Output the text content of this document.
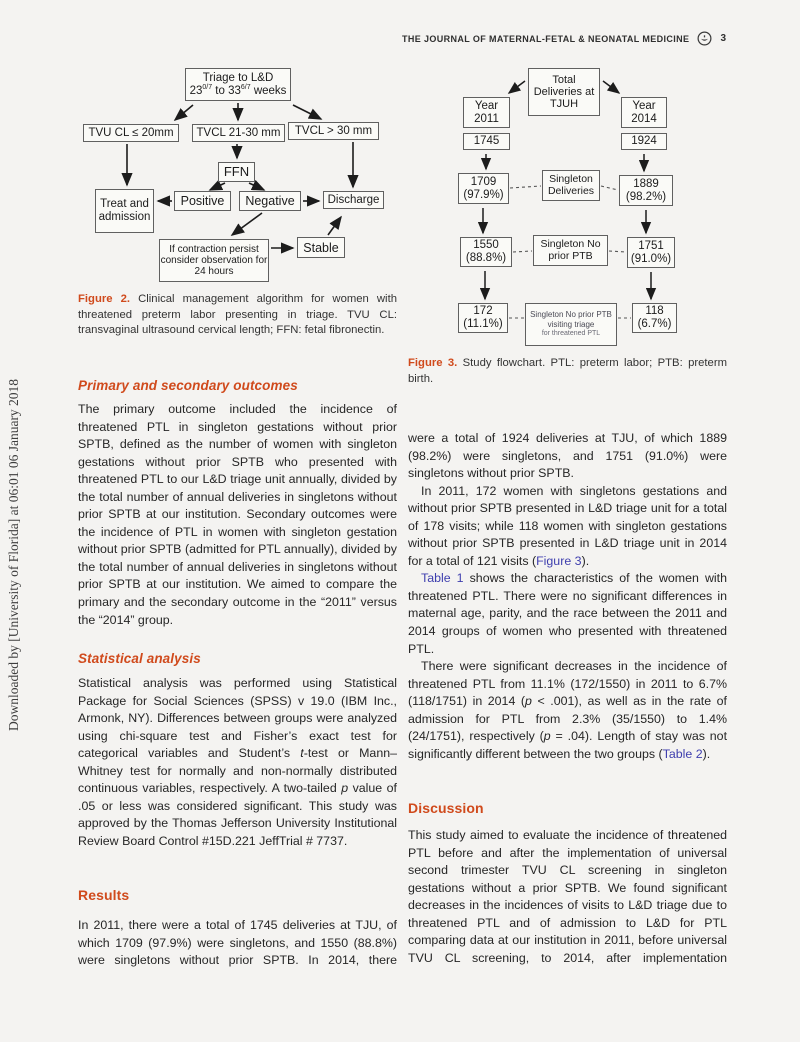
Downloaded by [University of Florida] at 06:01 06 January 2018
THE JOURNAL OF MATERNAL-FETAL & NEONATAL MEDICINE	3
Triage to L&D
$23^{0/7}$ to $33^{6/7}$ weeks
TVU CL ≤ 20mm	TVCL 21-30 mm	TVCL > 30 mm
FFN
Treat and admission
Positive	Negative	Discharge
If contraction persist consider observation for 24 hours
Stable

Figure 2. Clinical management algorithm for women with threatened preterm labor presenting in triage. TVU CL: transvaginal ultrasound cervical length; FFN: fetal fibronectin.

Total Deliveries at TJUH
Year 2011
Year 2014
1745	1924
1709 (97.9%)
Singleton Deliveries
1889 (98.2%)
1550 (88.8%)
Singleton No prior PTB
1751 (91.0%)
172 (11.1%)
Singleton No prior PTB visiting triage
for threatened PTL
118 (6.7%)

Figure 3. Study flowchart. PTL: preterm labor; PTB: preterm birth.

Primary and secondary outcomes

The primary outcome included the incidence of threatened PTL in singleton gestations without prior SPTB, defined as the number of women with singleton gestations without prior SPTB who presented with threatened PTL to our L&D triage unit annually, divided by the total number of annual deliveries in singletons without prior SPTB at our institution. Secondary outcomes were the incidence of PTL in women with singleton gestation without prior SPTB (admitted for PTL annually), divided by the total number of annual deliveries in singletons without prior SPTB at our institution. We aimed to compare the primary and the secondary outcome in the “2011” versus the “2014” group.

Statistical analysis

Statistical analysis was performed using Statistical Package for Social Sciences (SPSS) v 19.0 (IBM Inc., Armonk, NY). Differences between groups were analyzed using chi-square test and Fisher’s exact test for categorical variables and Student’s t-test or Mann–Whitney test for normally and non-normally distributed continuous variables, respectively. A two-tailed p value of .05 or less was considered significant. This study was approved by the Thomas Jefferson University Institutional Review Board Control #15D.221 JeffTrial # 7737.

Results

In 2011, there were a total of 1745 deliveries at TJU, of which 1709 (97.9%) were singletons, and 1550 (88.8%) were singletons without prior SPTB. In 2014, there

were a total of 1924 deliveries at TJU, of which 1889 (98.2%) were singletons, and 1751 (91.0%) were singletons without prior SPTB.

In 2011, 172 women with singletons gestations and without prior SPTB presented in L&D triage unit for a total of 178 visits; while 118 women with singleton gestations without prior SPTB presented in L&D triage unit in 2014 for a total of 121 visits (Figure 3).

Table 1 shows the characteristics of the women with threatened PTL. There were no significant differences in maternal age, parity, and the race between the 2011 and 2014 groups of women who presented with threatened PTL.

There were significant decreases in the incidence of threatened PTL from 11.1% (172/1550) in 2011 to 6.7% (118/1751) in 2014 (p < .001), as well as in the rate of admission for PTL from 2.3% (35/1550) to 1.4% (24/1751), respectively (p = .04). Length of stay was not significantly different between the two groups (Table 2).

Discussion

This study aimed to evaluate the incidence of threatened PTL before and after the implementation of universal second trimester TVU CL screening in singleton gestations without a prior SPTB. We found significant decreases in the incidences of visits to L&D triage due to threatened PTL and of admission to L&D for PTL comparing data at our institution in 2011, before universal TVU CL screening, to 2014, after implementation
